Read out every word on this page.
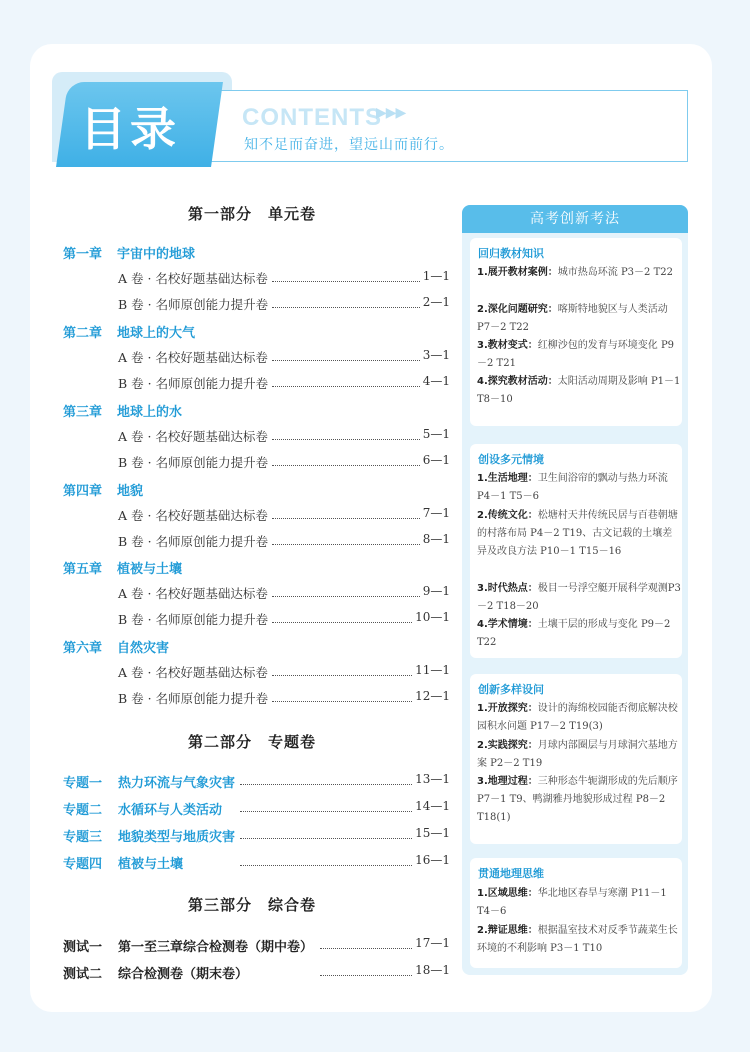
目录	CONTENTS
▶▶▶
知不足而奋进，望远山而前行。
第一部分　单元卷
第二部分　专题卷
第三部分　综合卷
高考创新考法
第一章 宇宙中的地球
A 卷 · 名校好题基础达标卷	1—1
B 卷 · 名师原创能力提升卷	2—1
第二章 地球上的大气
A 卷 · 名校好题基础达标卷	3—1
B 卷 · 名师原创能力提升卷	4—1
第三章 地球上的水
A 卷 · 名校好题基础达标卷	5—1
B 卷 · 名师原创能力提升卷	6—1
第四章 地貌
A 卷 · 名校好题基础达标卷	7—1
B 卷 · 名师原创能力提升卷	8—1
第五章 植被与土壤
A 卷 · 名校好题基础达标卷	9—1
B 卷 · 名师原创能力提升卷	10—1
第六章 自然灾害
A 卷 · 名校好题基础达标卷	11—1
B 卷 · 名师原创能力提升卷	12—1
专题一 热力环流与气象灾害	13—1
专题二 水循环与人类活动	14—1
专题三 地貌类型与地质灾害	15—1
专题四 植被与土壤	16—1
测试一 第一至三章综合检测卷（期中卷）	17—1
测试二 综合检测卷（期末卷）	18—1
回归教材知识
1.展开教材案例：城市热岛环流 P3－2 T22
2.深化问题研究：喀斯特地貌区与人类活动 P7－2 T22
3.教材变式：红柳沙包的发育与环境变化 P9－2 T21
4.探究教材活动：太阳活动周期及影响 P1－1 T8－10
创设多元情境
1.生活地理：卫生间浴帘的飘动与热力环流 P4－1 T5－6
2.传统文化：松塘村天井传统民居与百巷朝塘的村落布局 P4－2 T19、古文记载的土壤差异及改良方法 P10－1 T15－16
3.时代热点：极目一号浮空艇开展科学观测P3－2 T18－20
4.学术情境：土壤干层的形成与变化 P9－2 T22
创新多样设问
1.开放探究：设计的海绵校园能否彻底解决校园积水问题 P17－2 T19(3)
2.实践探究：月球内部圈层与月球洞穴基地方案 P2－2 T19
3.地理过程：三种形态牛轭湖形成的先后顺序 P7－1 T9、鸭湖雅丹地貌形成过程 P8－2 T18(1)
贯通地理思维
1.区域思维：华北地区春旱与寒潮 P11－1 T4－6
2.辩证思维：根据温室技术对反季节蔬菜生长环境的不利影响 P3－1 T10
